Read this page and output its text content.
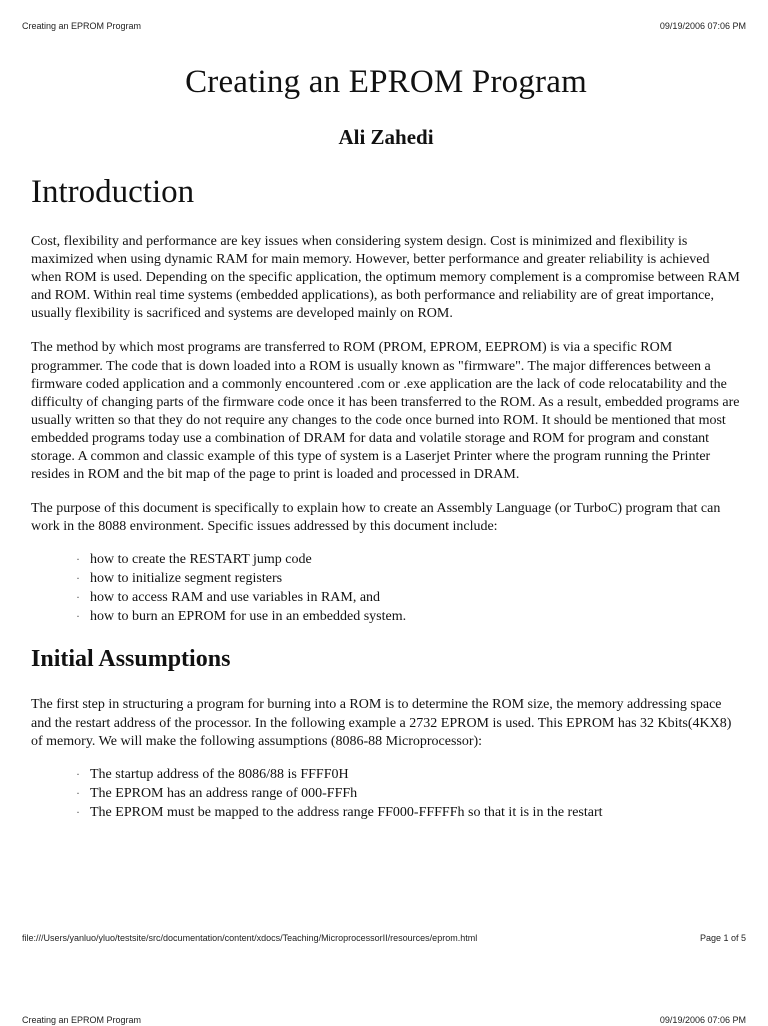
Creating an EPROM Program	09/19/2006 07:06 PM
Creating an EPROM Program
Ali Zahedi
Introduction

Cost, flexibility and performance are key issues when considering system design. Cost is minimized and flexibility is maximized when using dynamic RAM for main memory. However, better performance and greater reliability is achieved when ROM is used. Depending on the specific application, the optimum memory complement is a compromise between RAM and ROM. Within real time systems (embedded applications), as both performance and reliability are of great importance, usually flexibility is sacrificed and systems are developed mainly on ROM.

The method by which most programs are transferred to ROM (PROM, EPROM, EEPROM) is via a specific ROM programmer. The code that is down loaded into a ROM is usually known as "firmware". The major differences between a firmware coded application and a commonly encountered .com or .exe application are the lack of code relocatability and the difficulty of changing parts of the firmware code once it has been transferred to the ROM. As a result, embedded programs are usually written so that they do not require any changes to the code once burned into ROM. It should be mentioned that most embedded programs today use a combination of DRAM for data and volatile storage and ROM for program and constant storage. A common and classic example of this type of system is a Laserjet Printer where the program running the Printer resides in ROM and the bit map of the page to print is loaded and processed in DRAM.

The purpose of this document is specifically to explain how to create an Assembly Language (or TurboC) program that can work in the 8088 environment. Specific issues addressed by this document include:

· how to create the RESTART jump code
· how to initialize segment registers
· how to access RAM and use variables in RAM, and
· how to burn an EPROM for use in an embedded system.
Initial Assumptions

The first step in structuring a program for burning into a ROM is to determine the ROM size, the memory addressing space and the restart address of the processor. In the following example a 2732 EPROM is used. This EPROM has 32 Kbits(4KX8) of memory. We will make the following assumptions (8086-88 Microprocessor):

· The startup address of the 8086/88 is FFFF0H
· The EPROM has an address range of 000-FFFh
· The EPROM must be mapped to the address range FF000-FFFFFh so that it is in the restart
file:///Users/yanluo/yluo/testsite/src/documentation/content/xdocs/Teaching/MicroprocessorII/resources/eprom.html	Page 1 of 5
Creating an EPROM Program	09/19/2006 07:06 PM
